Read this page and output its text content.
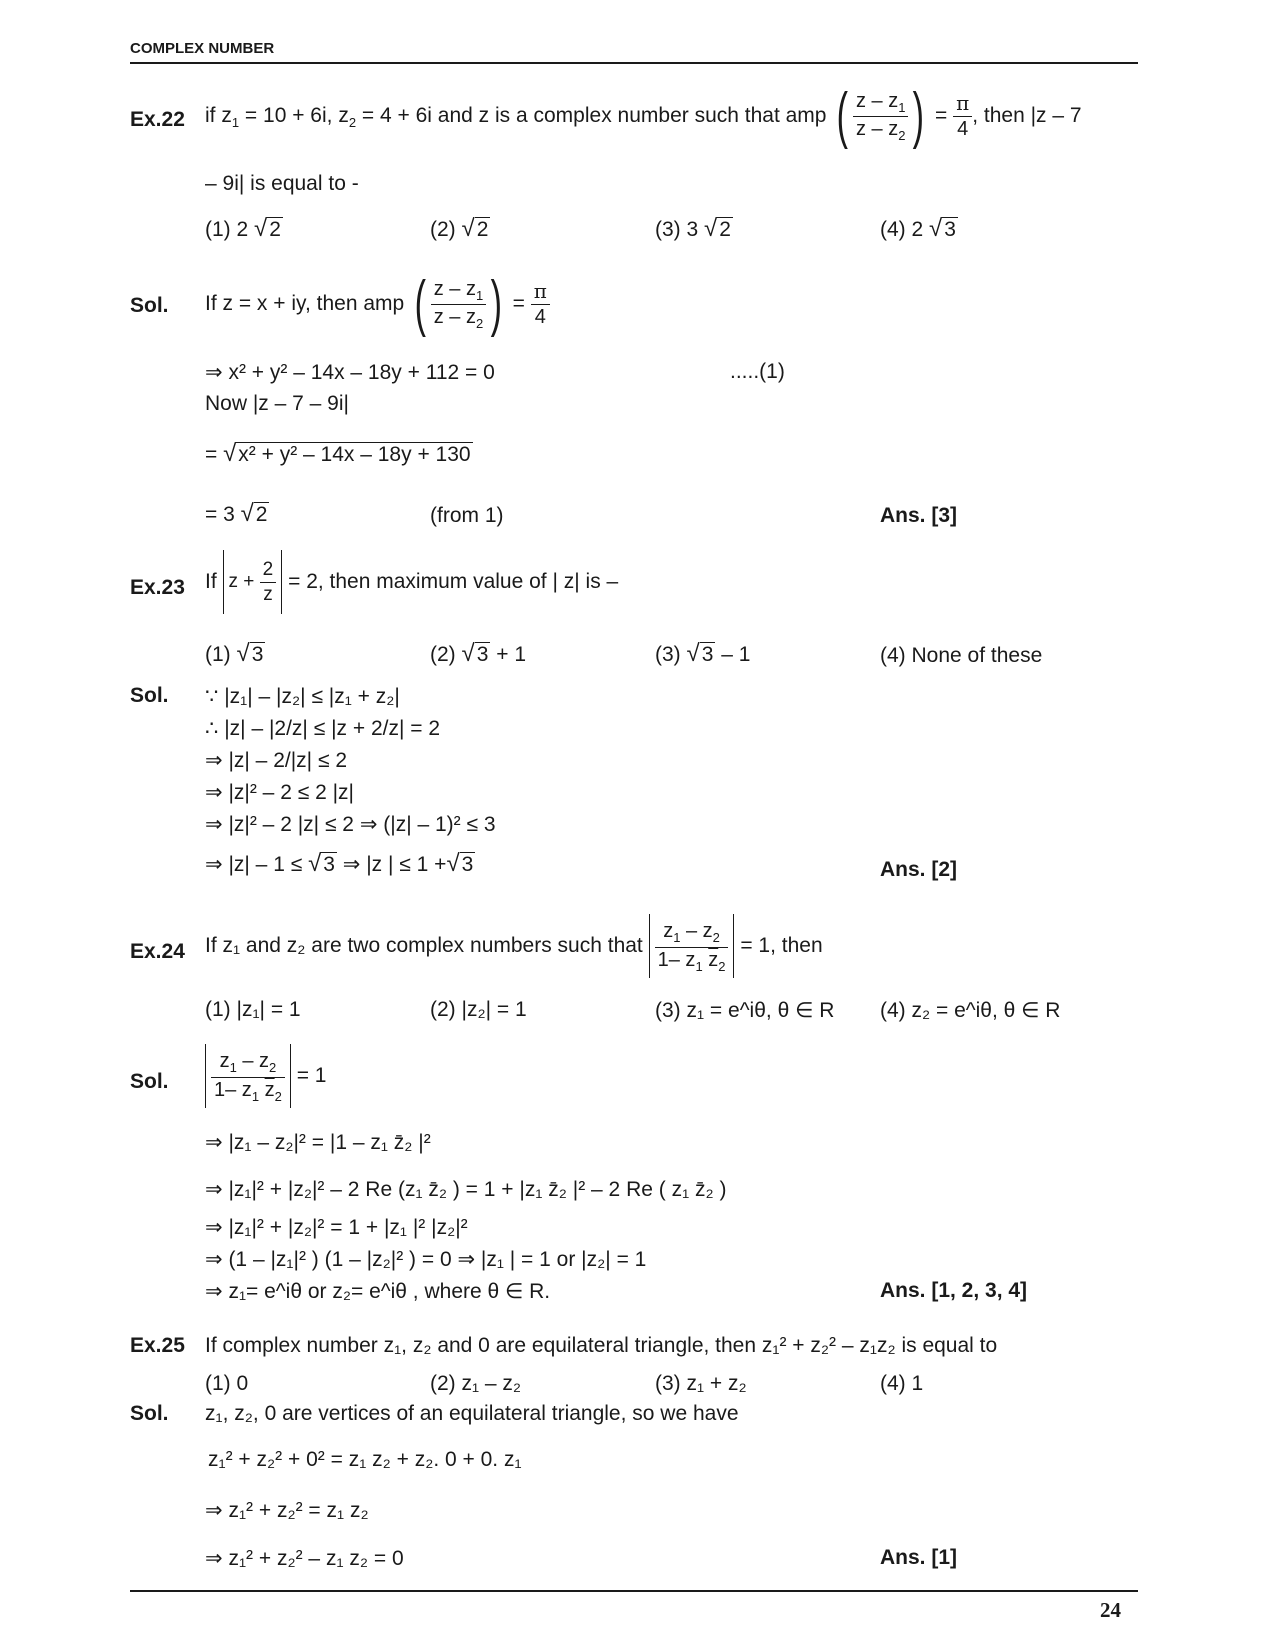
COMPLEX NUMBER
Ex.22 if $z_1 = 10 + 6i$, $z_2 = 4 + 6i$ and z is a complex number such that amp ( $\frac{z - z_1}{z - z_2}$ ) = $\frac{\pi}{4}$ , then |z – 7
– 9i| is equal to -
(1) 2 √2	(2) √2	(3) 3 √2	(4) 2 √3
Sol. If z = x + iy, then amp ( $\frac{z - z_1}{z - z_2}$ ) = $\frac{\pi}{4}$
⇒ x² + y² – 14x – 18y + 112 = 0	.....(1)
Now |z – 7 – 9i|
= √x² + y² – 14x – 18y + 130
= 3 √2	(from 1)	Ans. [3]
Ex.23 If $z + \frac{2}{z} = 2$, then maximum value of | z| is –
(1) √3	(2) √3 + 1	(3) √3 – 1	(4) None of these
Sol. ∵ |z₁| – |z₂| ≤ |z₁ + z₂|
∴ |z| – |2/z| ≤ |z + 2/z| = 2
⇒ |z| – 2/|z| ≤ 2
⇒ |z|² – 2 ≤ 2 |z|
⇒ |z|² – 2 |z| ≤ 2 ⇒ (|z| – 1)² ≤ 3
⇒ |z| – 1 ≤ √3 ⇒ |z | ≤ 1 +√3	Ans. [2]
Ex.24 If z₁ and z₂ are two complex numbers such that $\frac{z_1 - z_2}{1- z_1 \overline{z}_2} = 1$, then
(1) |z₁| = 1	(2) |z₂| = 1	(3) z₁ = e^iθ, θ ∈ R (4) z₂ = e^iθ, θ ∈ R
Sol. $\frac{z_1 - z_2}{1- z_1 \overline{z}_2} = 1$
⇒ |z₁ – z₂|² = |1 – z₁ z̄₂ |²
⇒ |z₁|² + |z₂|² – 2 Re (z₁ z̄₂ ) = 1 + |z₁ z̄₂ |² – 2 Re ( z₁ z̄₂ )
⇒ |z₁|² + |z₂|² = 1 + |z₁ |² |z₂|²
⇒ (1 – |z₁|² ) (1 – |z₂|² ) = 0 ⇒ |z₁ | = 1 or |z₂| = 1
⇒ z₁= e^iθ or z₂= e^iθ , where θ ∈ R.	Ans. [1, 2, 3, 4]
Ex.25 If complex number z₁, z₂ and 0 are equilateral triangle, then z₁² + z₂² – z₁z₂ is equal to
(1) 0	(2) z₁ – z₂	(3) z₁ + z₂	(4) 1
Sol. z₁, z₂, 0 are vertices of an equilateral triangle, so we have
z₁² + z₂² + 0² = z₁ z₂ + z₂. 0 + 0. z₁
⇒ z₁² + z₂² = z₁ z₂
⇒ z₁² + z₂² – z₁ z₂ = 0	Ans. [1]
24
